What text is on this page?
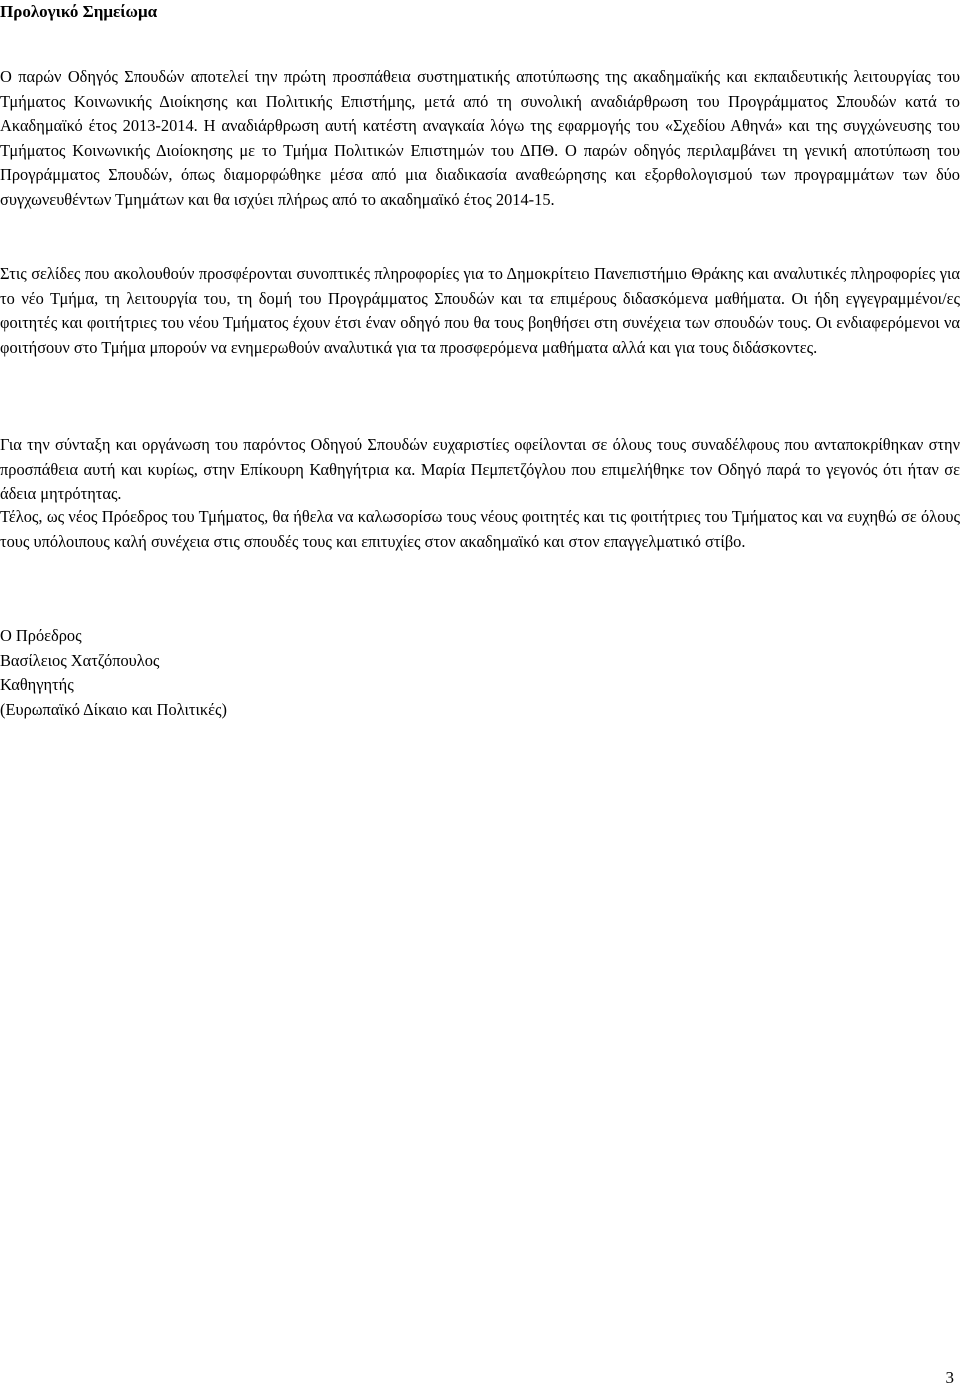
Προλογικό Σημείωμα

Ο παρών Οδηγός Σπουδών αποτελεί την πρώτη προσπάθεια συστηματικής αποτύπωσης της ακαδημαϊκής και εκπαιδευτικής λειτουργίας του Τμήματος Κοινωνικής Διοίκησης και Πολιτικής Επιστήμης, μετά από τη συνολική αναδιάρθρωση του Προγράμματος Σπουδών κατά το Ακαδημαϊκό έτος 2013-2014. Η αναδιάρθρωση αυτή κατέστη αναγκαία λόγω της εφαρμογής του «Σχεδίου Αθηνά» και της συγχώνευσης του Τμήματος Κοινωνικής Διοίοκησης με το Τμήμα Πολιτικών Επιστημών του ΔΠΘ. Ο παρών οδηγός περιλαμβάνει τη γενική αποτύπωση του Προγράμματος Σπουδών, όπως διαμορφώθηκε μέσα από μια διαδικασία αναθεώρησης και εξορθολογισμού των προγραμμάτων των δύο συγχωνευθέντων Τμημάτων και θα ισχύει πλήρως από το ακαδημαϊκό έτος 2014-15.

Στις σελίδες που ακολουθούν προσφέρονται συνοπτικές πληροφορίες για το Δημοκρίτειο Πανεπιστήμιο Θράκης και αναλυτικές πληροφορίες για το νέο Τμήμα, τη λειτουργία του, τη δομή του Προγράμματος Σπουδών και τα επιμέρους διδασκόμενα μαθήματα. Οι ήδη εγγεγραμμένοι/ες φοιτητές και φοιτήτριες του νέου Τμήματος έχουν έτσι έναν οδηγό που θα τους βοηθήσει στη συνέχεια των σπουδών τους. Οι ενδιαφερόμενοι να φοιτήσουν στο Τμήμα μπορούν να ενημερωθούν αναλυτικά για τα προσφερόμενα μαθήματα αλλά και για τους διδάσκοντες.

Για την σύνταξη και οργάνωση του παρόντος Οδηγού Σπουδών ευχαριστίες οφείλονται σε όλους τους συναδέλφους που ανταποκρίθηκαν στην προσπάθεια αυτή και κυρίως, στην Επίκουρη Καθηγήτρια κα. Μαρία Πεμπετζόγλου που επιμελήθηκε τον Οδηγό παρά το γεγονός ότι ήταν σε άδεια μητρότητας.

Τέλος, ως νέος Πρόεδρος του Τμήματος, θα ήθελα να καλωσορίσω τους νέους φοιτητές και τις φοιτήτριες του Τμήματος και να ευχηθώ σε όλους τους υπόλοιπους καλή συνέχεια στις σπουδές τους και επιτυχίες στον ακαδημαϊκό και στον επαγγελματικό στίβο.

Ο Πρόεδρος
Βασίλειος Χατζόπουλος
Καθηγητής
(Ευρωπαϊκό Δίκαιο και Πολιτικές)
3
